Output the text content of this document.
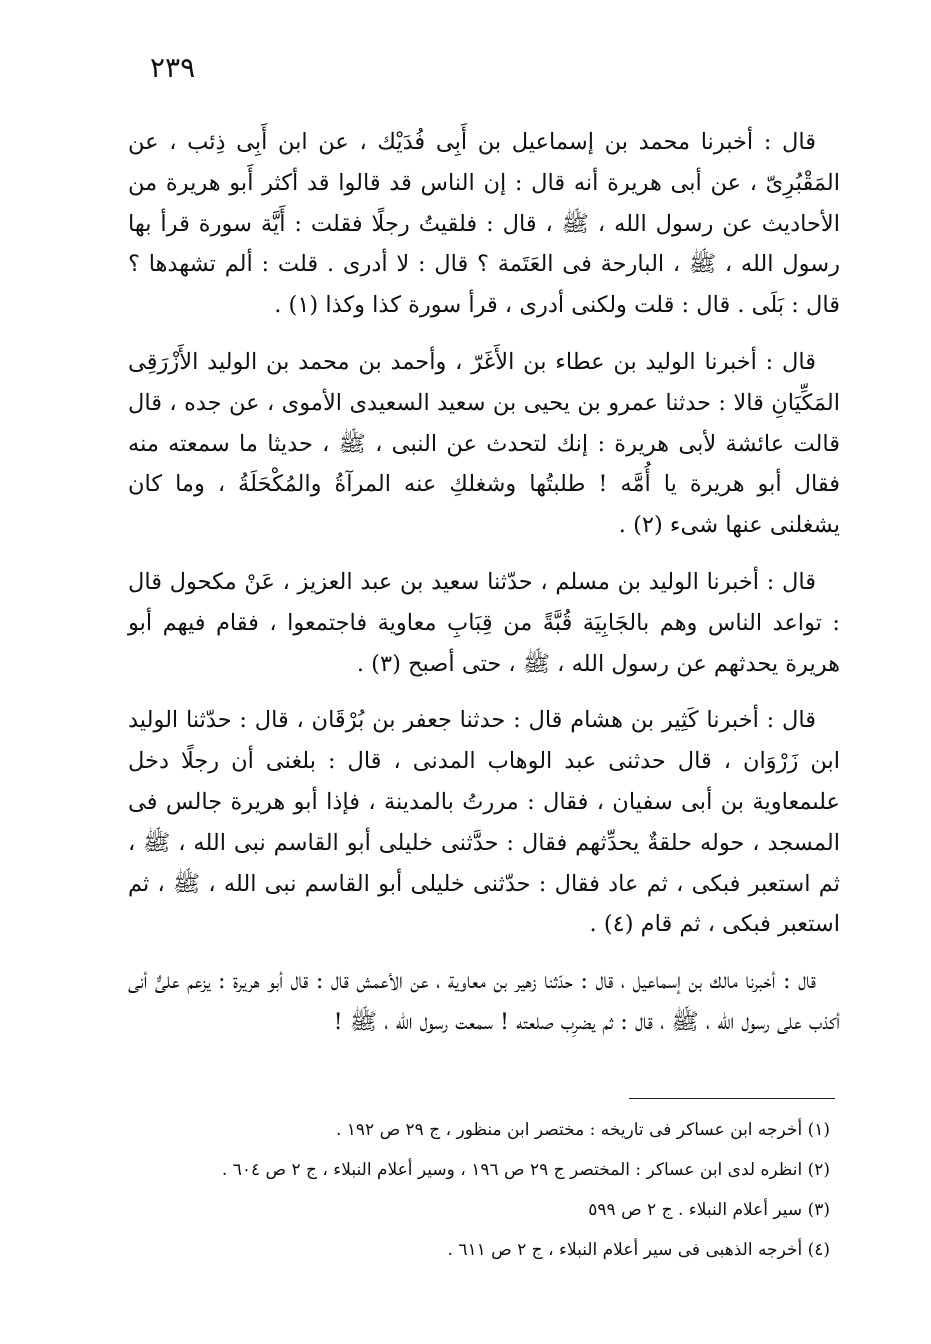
٢٣٩

قال : أخبرنا محمد بن إسماعيل بن أَبِى فُدَيْك ، عن ابن أَبِى ذِئب ، عن المَقْبُرِىّ ، عن أبى هريرة أنه قال : إن الناس قد قالوا قد أكثر أَبو هريرة من الأحاديث عن رسول الله ، ﷺ ، قال : فلقيتُ رجلًا فقلت : أَيَّة سورة قرأ بها رسول الله ، ﷺ ، البارحة فى العَتَمة ؟ قال : لا أدرى . قلت : ألم تشهدها ؟ قال : بَلَى . قال : قلت ولكنى أدرى ، قرأ سورة كذا وكذا (١) .

قال : أخبرنا الوليد بن عطاء بن الأَغَرّ ، وأحمد بن محمد بن الوليد الأَزْرَقِى المَكِّيَانِ قالا : حدثنا عمرو بن يحيى بن سعيد السعيدى الأموى ، عن جده ، قال قالت عائشة لأبى هريرة : إنك لتحدث عن النبى ، ﷺ ، حديثا ما سمعته منه فقال أبو هريرة يا أُمَّه ! طلبتُها وشغلكِ عنه المرآةُ والمُكْحَلَةُ ، وما كان يشغلنى عنها شىء (٢) .

قال : أخبرنا الوليد بن مسلم ، حدّثنا سعيد بن عبد العزيز ، عَنْ مكحول قال : تواعد الناس وهم بالجَابِيَة قُبَّةً من قِبَابِ معاوية فاجتمعوا ، فقام فيهم أبو هريرة يحدثهم عن رسول الله ، ﷺ ، حتى أصبح (٣) .

قال : أخبرنا كَثِير بن هشام قال : حدثنا جعفر بن بُرْقَان ، قال : حدّثنا الوليد ابن زَرْوَان ، قال حدثنى عبد الوهاب المدنى ، قال : بلغنى أن رجلًا دخل علىمعاوية بن أبى سفيان ، فقال : مررتُ بالمدينة ، فإذا أبو هريرة جالس فى المسجد ، حوله حلقةٌ يحدِّثهم فقال : حدَّثنى خليلى أبو القاسم نبى الله ، ﷺ ، ثم استعبر فبكى ، ثم عاد فقال : حدّثنى خليلى أبو القاسم نبى الله ، ﷺ ، ثم استعبر فبكى ، ثم قام (٤) .

قال : أخبرنا مالك بن إسماعيل ، قال : حدّثنا زهير بن معاوية ، عن الأعمش قال : قال أبو هريرة : يزعم علىٌّ أنى أكذب على رسول الله ، ﷺ ، قال : ثم يضرِب صلعته ! سمعت رسول الله ، ﷺ !

(١) أخرجه ابن عساكر فى تاريخه : مختصر ابن منظور ، ج ٢٩ ص ١٩٢ .

(٢) انظره لدى ابن عساكر : المختصر ج ٢٩ ص ١٩٦ ، وسير أعلام النبلاء ، ج ٢ ص ٦٠٤ .

(٣) سير أعلام النبلاء . ج ٢ ص ٥٩٩

(٤) أخرجه الذهبى فى سير أعلام النبلاء ، ج ٢ ص ٦١١ .
